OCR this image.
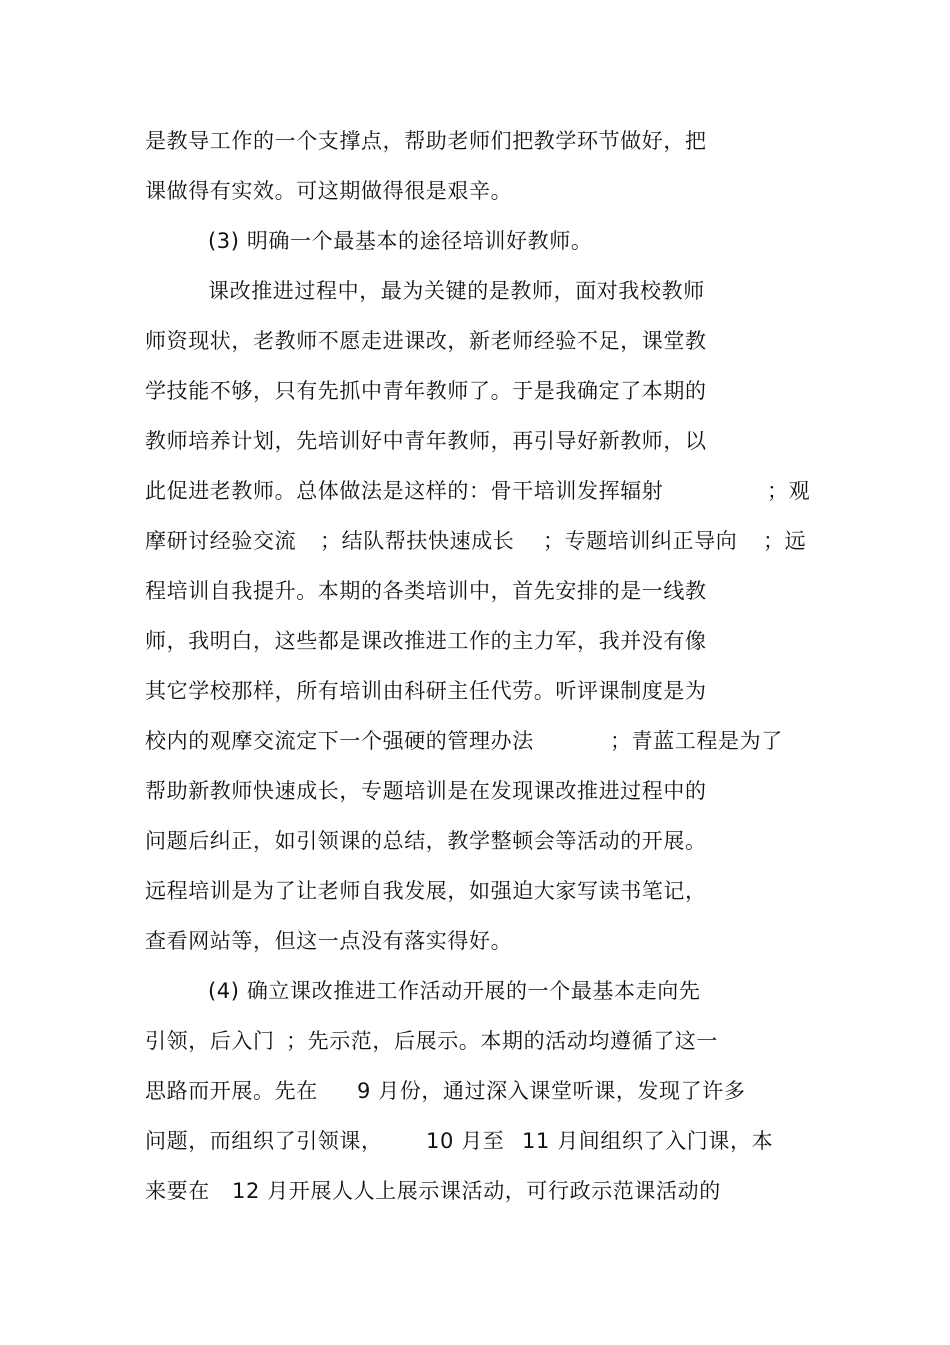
是教导工作的一个支撑点，帮助老师们把教学环节做好，把
课做得有实效。可这期做得很是艰辛。
(3) 明确一个最基本的途径培训好教师。
课改推进过程中，最为关键的是教师，面对我校教师
师资现状，老教师不愿走进课改，新老师经验不足，课堂教
学技能不够，只有先抓中青年教师了。于是我确定了本期的
教师培养计划，先培训好中青年教师，再引导好新教师，以

此促进老教师。总体做法是这样的：骨干培训发挥辐射

	；观

摩研讨经验交流

；结队帮扶快速成长

；专题培训纠正导向

；远

程培训自我提升。本期的各类培训中，首先安排的是一线教
师，我明白，这些都是课改推进工作的主力军，我并没有像
其它学校那样，所有培训由科研主任代劳。听评课制度是为

校内的观摩交流定下一个强硬的管理办法

	；青蓝工程是为了

帮助新教师快速成长，专题培训是在发现课改推进过程中的
问题后纠正，如引领课的总结，教学整顿会等活动的开展。
远程培训是为了让老师自我发展，如强迫大家写读书笔记，
查看网站等，但这一点没有落实得好。
(4) 确立课改推进工作活动开展的一个最基本走向先

引领，后入门

；先示范，后展示。本期的活动均遵循了这一

思路而开展。先在

9 月份，通过深入课堂听课，发现了许多

问题，而组织了引领课，

10 月至

11 月间组织了入门课，本

来要在

12 月开展人人上展示课活动，可行政示范课活动的
